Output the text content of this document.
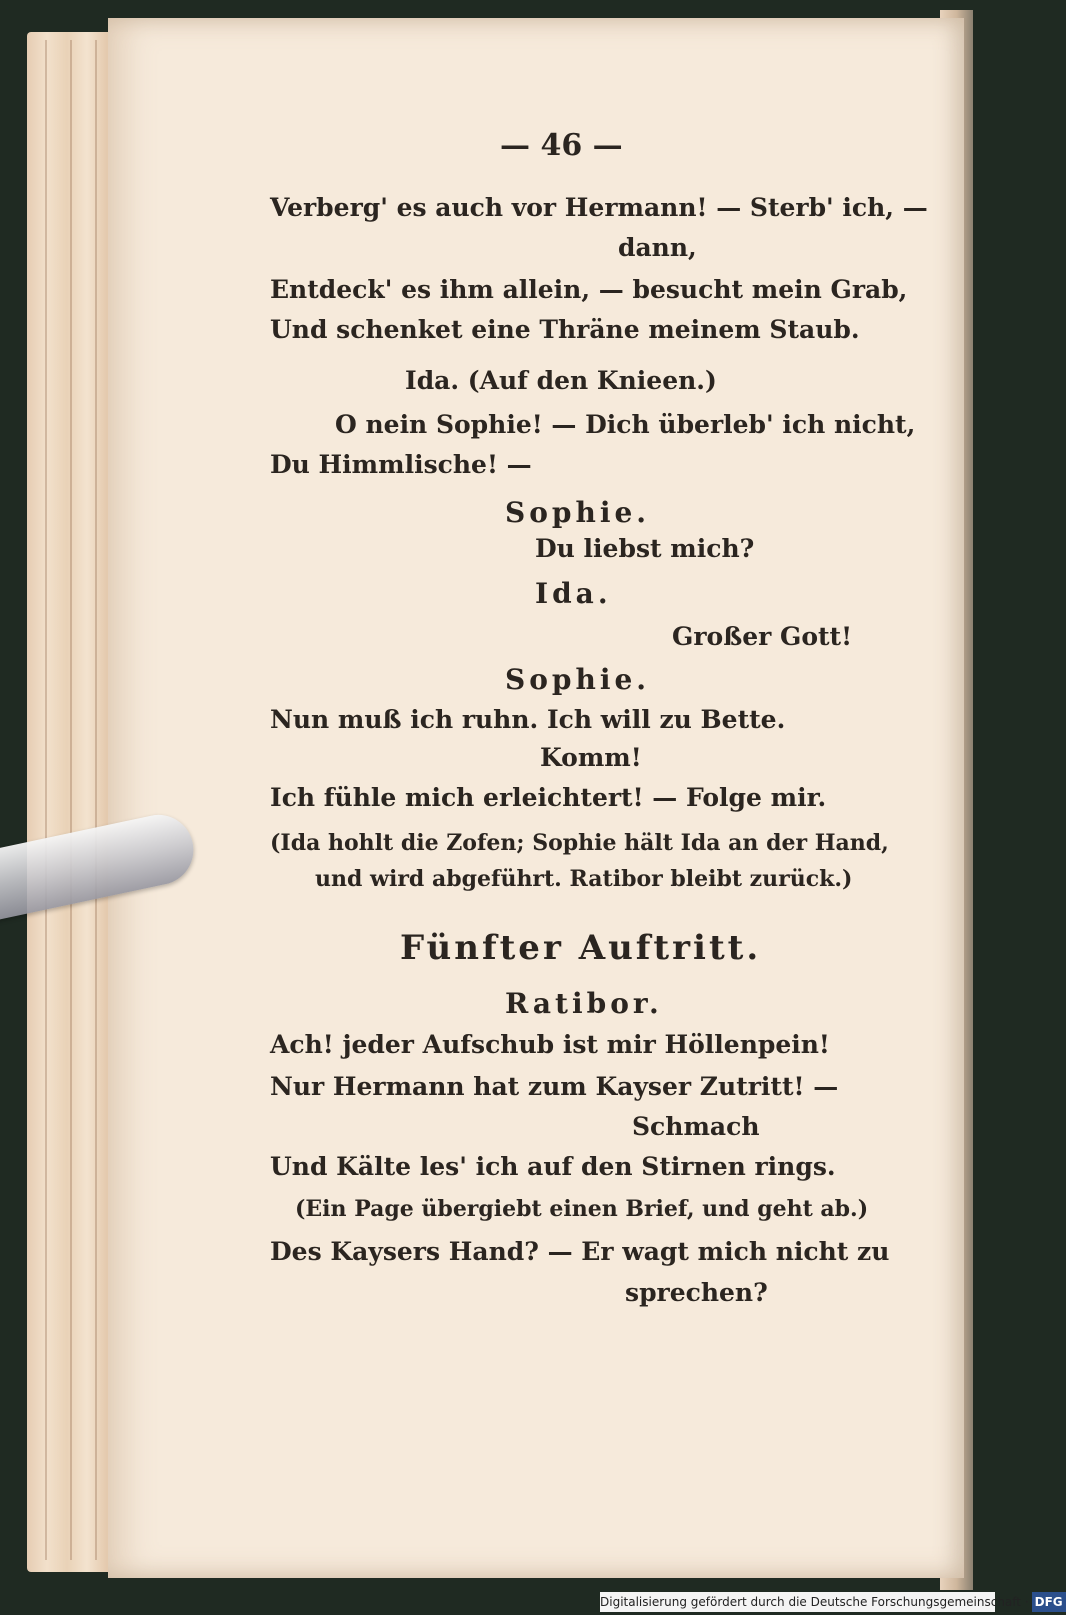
— 46 —
Verberg' es auch vor Hermann! — Sterb' ich, —
dann,
Entdeck' es ihm allein, — besucht mein Grab,
Und schenket eine Thräne meinem Staub.
Ida. (Auf den Knieen.)
O nein Sophie! — Dich überleb' ich nicht,
Du Himmlische! —
Sophie.
Du liebst mich?
Ida.
Großer Gott!
Sophie.
Nun muß ich ruhn. Ich will zu Bette.
Komm!
Ich fühle mich erleichtert! — Folge mir.
(Ida hohlt die Zofen; Sophie hält Ida an der Hand,
und wird abgeführt. Ratibor bleibt zurück.)
Fünfter Auftritt.
Ratibor.
Ach! jeder Aufschub ist mir Höllenpein!
Nur Hermann hat zum Kayser Zutritt! —
Schmach
Und Kälte les' ich auf den Stirnen rings.
(Ein Page übergiebt einen Brief, und geht ab.)
Des Kaysers Hand? — Er wagt mich nicht zu
sprechen?
Digitalisierung gefördert durch die Deutsche Forschungsgemeinschaft · DFG
